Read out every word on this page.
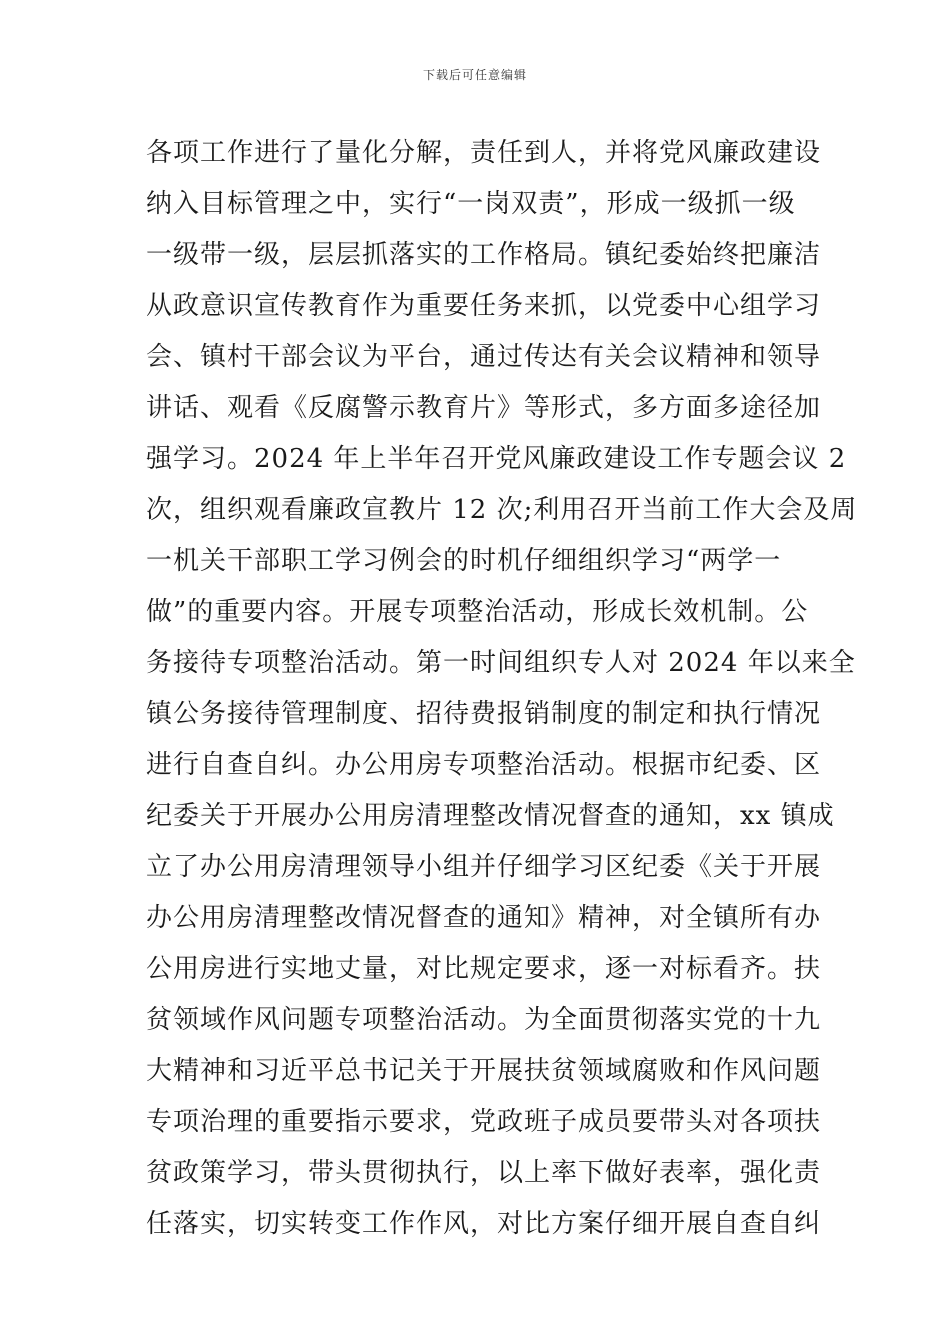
下载后可任意编辑
各项工作进行了量化分解，责任到人，并将党风廉政建设
纳入目标管理之中，实行“一岗双责”，形成一级抓一级
一级带一级，层层抓落实的工作格局。镇纪委始终把廉洁
从政意识宣传教育作为重要任务来抓，以党委中心组学习
会、镇村干部会议为平台，通过传达有关会议精神和领导
讲话、观看《反腐警示教育片》等形式，多方面多途径加
强学习。2024 年上半年召开党风廉政建设工作专题会议 2
次，组织观看廉政宣教片 12 次;利用召开当前工作大会及周
一机关干部职工学习例会的时机仔细组织学习“两学一
做”的重要内容。开展专项整治活动，形成长效机制。公
务接待专项整治活动。第一时间组织专人对 2024 年以来全
镇公务接待管理制度、招待费报销制度的制定和执行情况
进行自查自纠。办公用房专项整治活动。根据市纪委、区
纪委关于开展办公用房清理整改情况督查的通知，xx 镇成
立了办公用房清理领导小组并仔细学习区纪委《关于开展
办公用房清理整改情况督查的通知》精神，对全镇所有办
公用房进行实地丈量，对比规定要求，逐一对标看齐。扶
贫领域作风问题专项整治活动。为全面贯彻落实党的十九
大精神和习近平总书记关于开展扶贫领域腐败和作风问题
专项治理的重要指示要求，党政班子成员要带头对各项扶
贫政策学习，带头贯彻执行，以上率下做好表率，强化责
任落实，切实转变工作作风，对比方案仔细开展自查自纠
